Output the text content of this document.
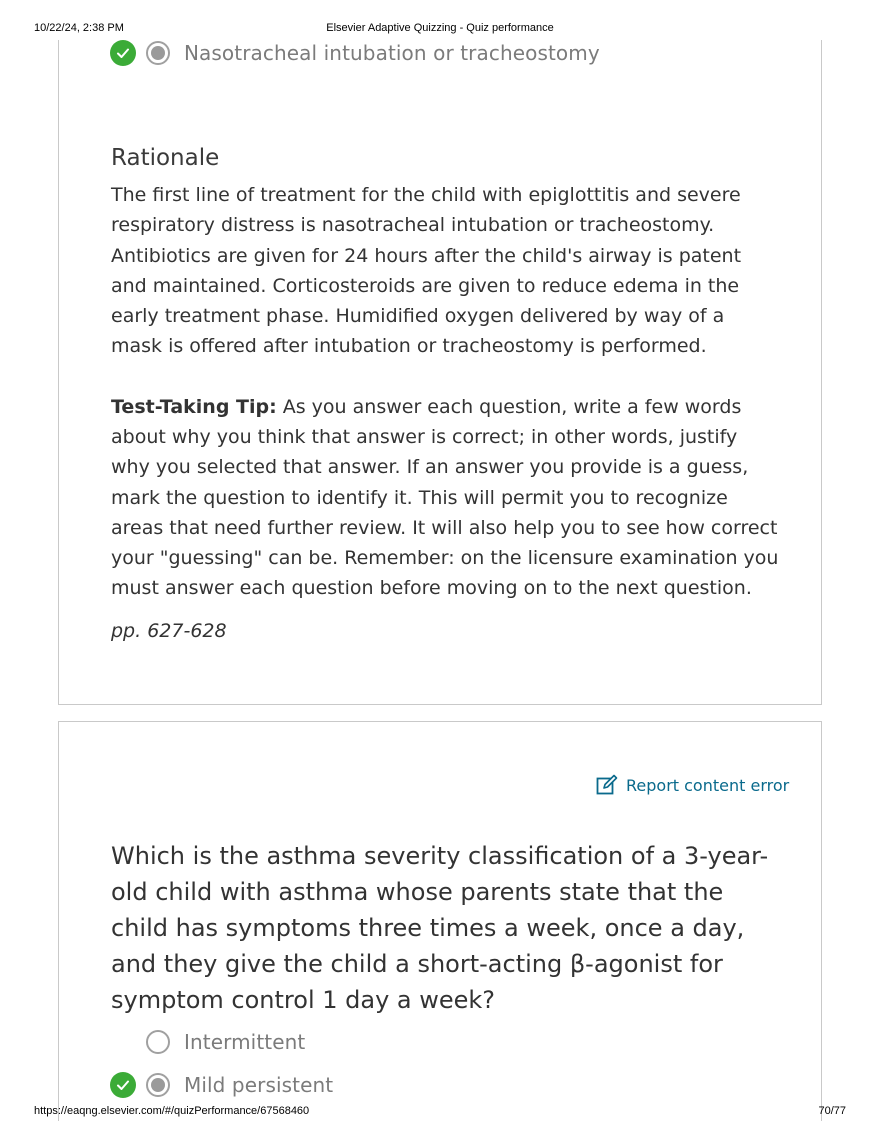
10/22/24, 2:38 PM	Elsevier Adaptive Quizzing - Quiz performance
Nasotracheal intubation or tracheostomy
Rationale
The first line of treatment for the child with epiglottitis and severe respiratory distress is nasotracheal intubation or tracheostomy. Antibiotics are given for 24 hours after the child's airway is patent and maintained. Corticosteroids are given to reduce edema in the early treatment phase. Humidified oxygen delivered by way of a mask is offered after intubation or tracheostomy is performed.
Test-Taking Tip: As you answer each question, write a few words about why you think that answer is correct; in other words, justify why you selected that answer. If an answer you provide is a guess, mark the question to identify it. This will permit you to recognize areas that need further review. It will also help you to see how correct your "guessing" can be. Remember: on the licensure examination you must answer each question before moving on to the next question.
pp. 627-628
Report content error
Which is the asthma severity classification of a 3-year-old child with asthma whose parents state that the child has symptoms three times a week, once a day, and they give the child a short-acting β-agonist for symptom control 1 day a week?
Intermittent
Mild persistent
https://eaqng.elsevier.com/#/quizPerformance/67568460	70/77
